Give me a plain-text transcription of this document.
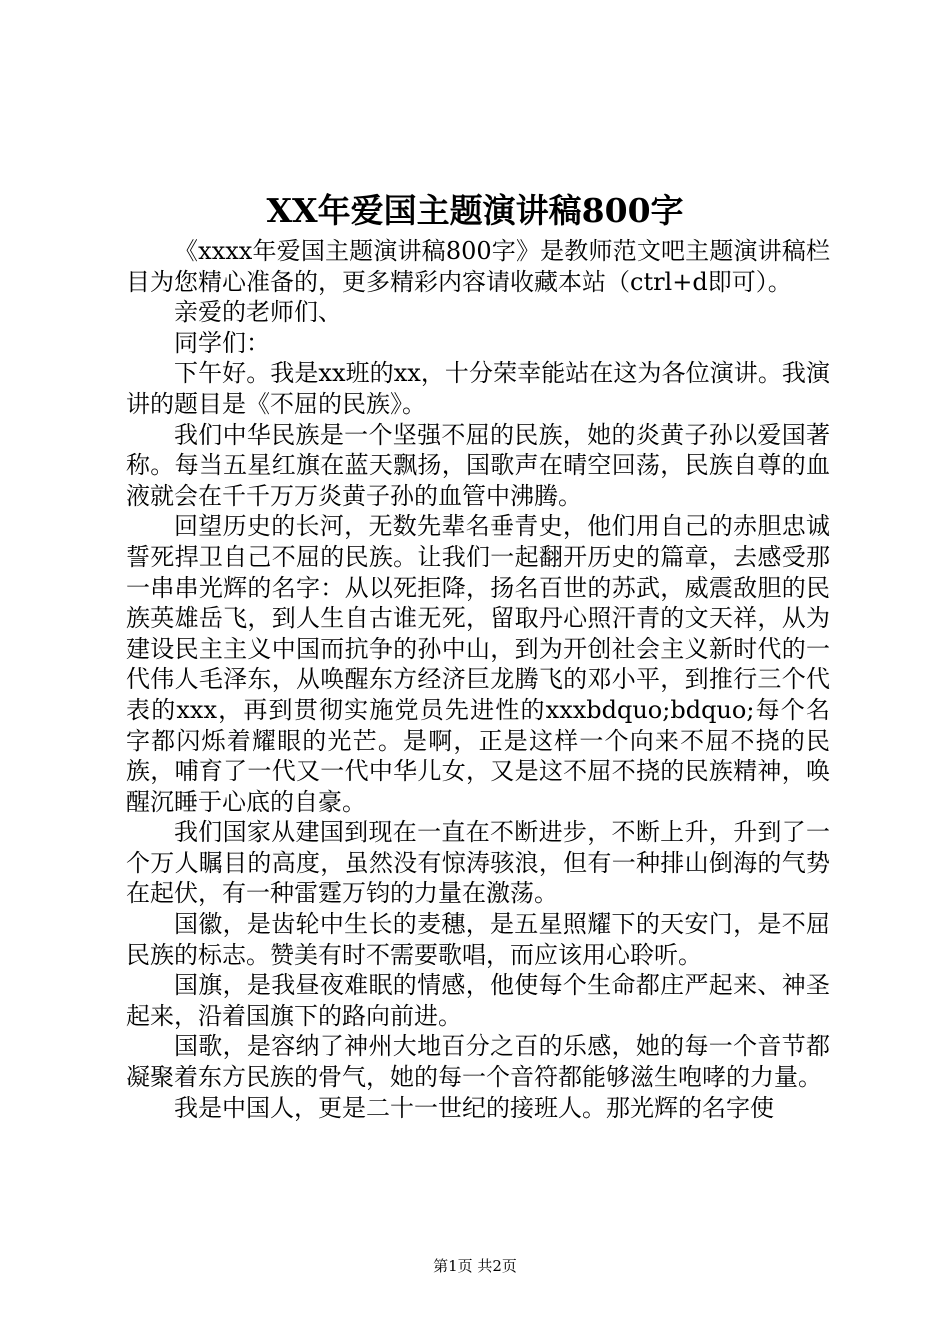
XX年爱国主题演讲稿800字

《xxxx年爱国主题演讲稿800字》是教师范文吧主题演讲稿栏目为您精心准备的，更多精彩内容请收藏本站（ctrl+d即可）。

亲爱的老师们、

同学们：

下午好。我是xx班的xx，十分荣幸能站在这为各位演讲。我演讲的题目是《不屈的民族》。

我们中华民族是一个坚强不屈的民族，她的炎黄子孙以爱国著称。每当五星红旗在蓝天飘扬，国歌声在晴空回荡，民族自尊的血液就会在千千万万炎黄子孙的血管中沸腾。

回望历史的长河，无数先辈名垂青史，他们用自己的赤胆忠诚誓死捍卫自己不屈的民族。让我们一起翻开历史的篇章，去感受那一串串光辉的名字：从以死拒降，扬名百世的苏武，威震敌胆的民族英雄岳飞，到人生自古谁无死，留取丹心照汗青的文天祥，从为建设民主主义中国而抗争的孙中山，到为开创社会主义新时代的一代伟人毛泽东，从唤醒东方经济巨龙腾飞的邓小平，到推行三个代表的xxx，再到贯彻实施党员先进性的xxxbdquo;bdquo;每个名字都闪烁着耀眼的光芒。是啊，正是这样一个向来不屈不挠的民族，哺育了一代又一代中华儿女，又是这不屈不挠的民族精神，唤醒沉睡于心底的自豪。

我们国家从建国到现在一直在不断进步，不断上升，升到了一个万人瞩目的高度，虽然没有惊涛骇浪，但有一种排山倒海的气势在起伏，有一种雷霆万钧的力量在激荡。

国徽，是齿轮中生长的麦穗，是五星照耀下的天安门，是不屈民族的标志。赞美有时不需要歌唱，而应该用心聆听。

国旗，是我昼夜难眠的情感，他使每个生命都庄严起来、神圣起来，沿着国旗下的路向前进。

国歌，是容纳了神州大地百分之百的乐感，她的每一个音节都凝聚着东方民族的骨气，她的每一个音符都能够滋生咆哮的力量。

我是中国人，更是二十一世纪的接班人。那光辉的名字使

第1页 共2页
